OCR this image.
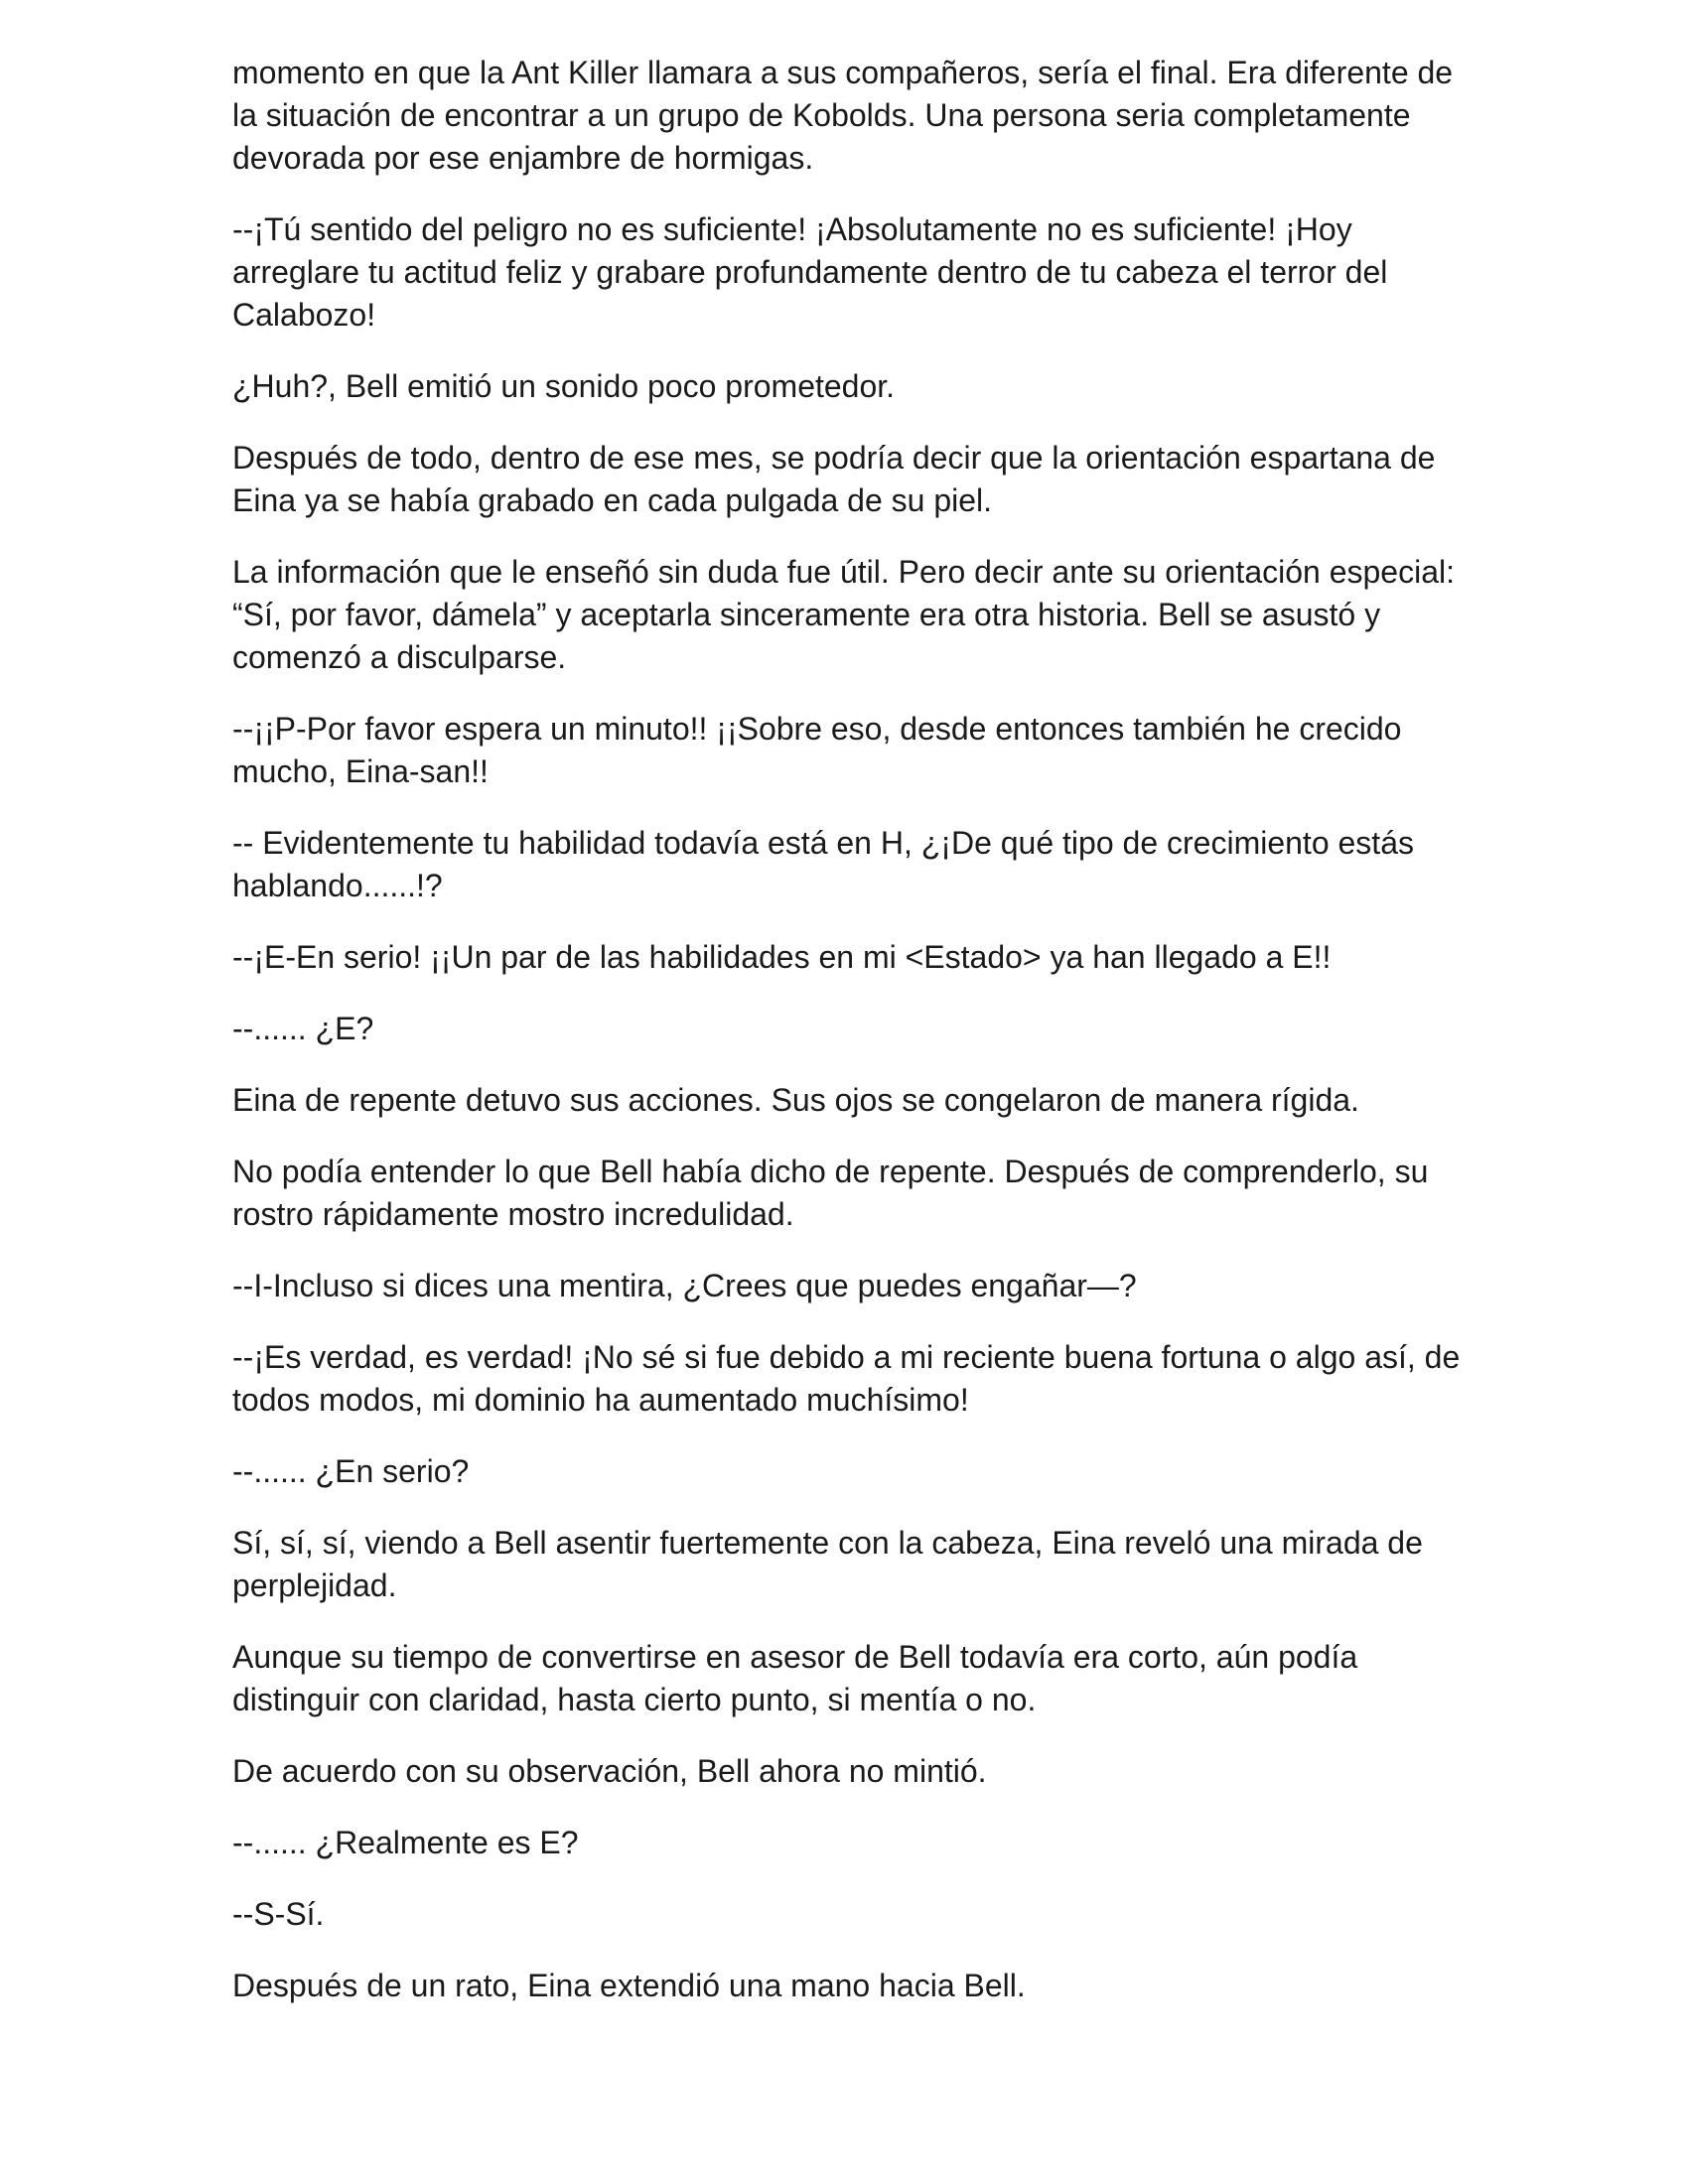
momento en que la Ant Killer llamara a sus compañeros, sería el final. Era diferente de la situación de encontrar a un grupo de Kobolds. Una persona seria completamente devorada por ese enjambre de hormigas.

--¡Tú sentido del peligro no es suficiente! ¡Absolutamente no es suficiente! ¡Hoy arreglare tu actitud feliz y grabare profundamente dentro de tu cabeza el terror del Calabozo!

¿Huh?, Bell emitió un sonido poco prometedor.

Después de todo, dentro de ese mes, se podría decir que la orientación espartana de Eina ya se había grabado en cada pulgada de su piel.

La información que le enseñó sin duda fue útil. Pero decir ante su orientación especial: “Sí, por favor, dámela” y aceptarla sinceramente era otra historia. Bell se asustó y comenzó a disculparse.

--¡¡P-Por favor espera un minuto!! ¡¡Sobre eso, desde entonces también he crecido mucho, Eina-san!!

-- Evidentemente tu habilidad todavía está en H, ¿¡De qué tipo de crecimiento estás hablando......!?

--¡E-En serio! ¡¡Un par de las habilidades en mi <Estado> ya han llegado a E!!

--...... ¿E?

Eina de repente detuvo sus acciones. Sus ojos se congelaron de manera rígida.

No podía entender lo que Bell había dicho de repente. Después de comprenderlo, su rostro rápidamente mostro incredulidad.

--I-Incluso si dices una mentira, ¿Crees que puedes engañar—?

--¡Es verdad, es verdad! ¡No sé si fue debido a mi reciente buena fortuna o algo así, de todos modos, mi dominio ha aumentado muchísimo!

--...... ¿En serio?

Sí, sí, sí, viendo a Bell asentir fuertemente con la cabeza, Eina reveló una mirada de perplejidad.

Aunque su tiempo de convertirse en asesor de Bell todavía era corto, aún podía distinguir con claridad, hasta cierto punto, si mentía o no.

De acuerdo con su observación, Bell ahora no mintió.

--...... ¿Realmente es E?

--S-Sí.

Después de un rato, Eina extendió una mano hacia Bell.
